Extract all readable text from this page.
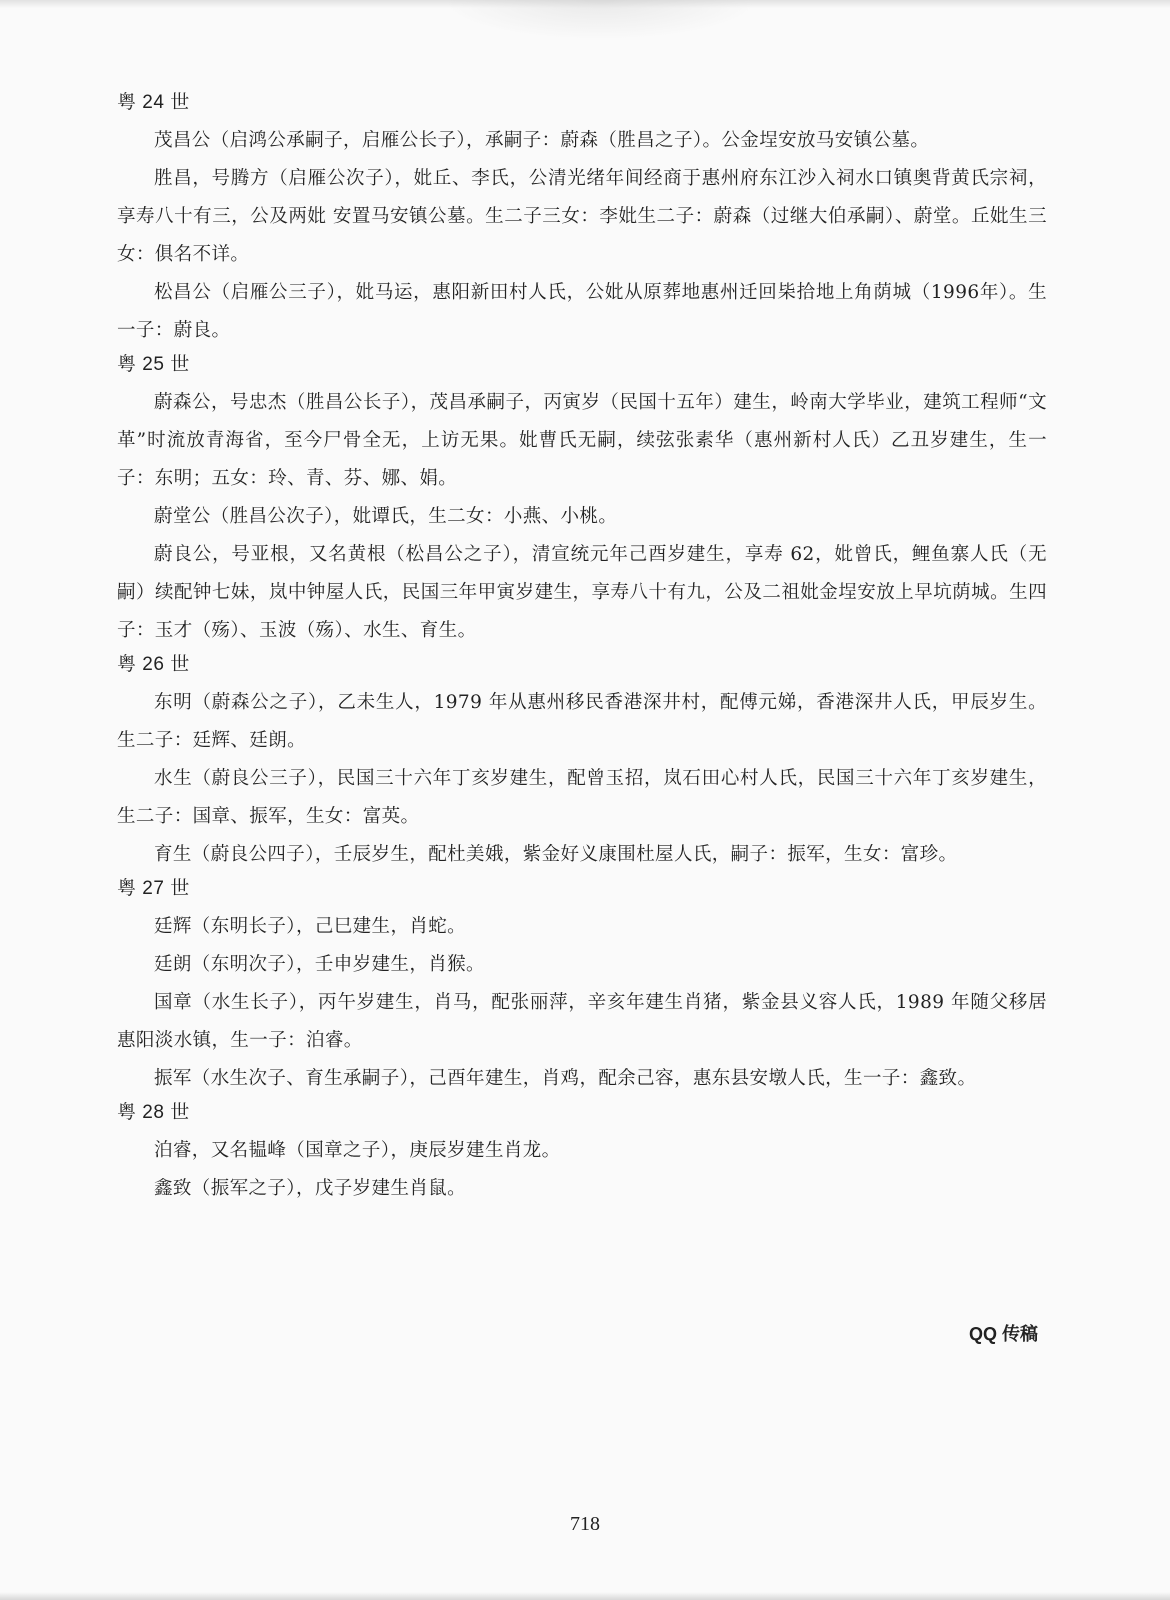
粤 24 世

茂昌公（启鸿公承嗣子，启雁公长子），承嗣子：蔚森（胜昌之子）。公金埕安放马安镇公墓。

胜昌，号腾方（启雁公次子），妣丘、李氏，公清光绪年间经商于惠州府东江沙入祠水口镇奥背黄氏宗祠，享寿八十有三，公及两妣 安置马安镇公墓。生二子三女：李妣生二子：蔚森（过继大伯承嗣）、蔚堂。丘妣生三女：俱名不详。

松昌公（启雁公三子），妣马运，惠阳新田村人氏，公妣从原葬地惠州迁回枈拾地上角荫城（1996年）。生一子：蔚良。

粤 25 世

蔚森公，号忠杰（胜昌公长子），茂昌承嗣子，丙寅岁（民国十五年）建生，岭南大学毕业，建筑工程师“文革”时流放青海省，至今尸骨全无，上访无果。妣曹氏无嗣，续弦张素华（惠州新村人氏）乙丑岁建生，生一子：东明；五女：玲、青、芬、娜、娟。

蔚堂公（胜昌公次子），妣谭氏，生二女：小燕、小桃。

蔚良公，号亚根，又名黄根（松昌公之子），清宣统元年己酉岁建生，享寿 62，妣曾氏，鲤鱼寨人氏（无嗣）续配钟七妹，岚中钟屋人氏，民国三年甲寅岁建生，享寿八十有九，公及二祖妣金埕安放上早坑荫城。生四子：玉才（殇）、玉波（殇）、水生、育生。

粤 26 世

东明（蔚森公之子），乙未生人，1979 年从惠州移民香港深井村，配傅元娣，香港深井人氏，甲辰岁生。生二子：廷辉、廷朗。

水生（蔚良公三子），民国三十六年丁亥岁建生，配曾玉招，岚石田心村人氏，民国三十六年丁亥岁建生，生二子：国章、振军，生女：富英。

育生（蔚良公四子），壬辰岁生，配杜美娥，紫金好义康围杜屋人氏，嗣子：振军，生女：富珍。

粤 27 世

廷辉（东明长子），己巳建生，肖蛇。

廷朗（东明次子），壬申岁建生，肖猴。

国章（水生长子），丙午岁建生，肖马，配张丽萍，辛亥年建生肖猪，紫金县义容人氏，1989 年随父移居惠阳淡水镇，生一子：泊睿。

振军（水生次子、育生承嗣子），己酉年建生，肖鸡，配余己容，惠东县安墩人氏，生一子：鑫致。

粤 28 世

泊睿，又名韫峰（国章之子），庚辰岁建生肖龙。

鑫致（振军之子），戊子岁建生肖鼠。

QQ 传稿
718
